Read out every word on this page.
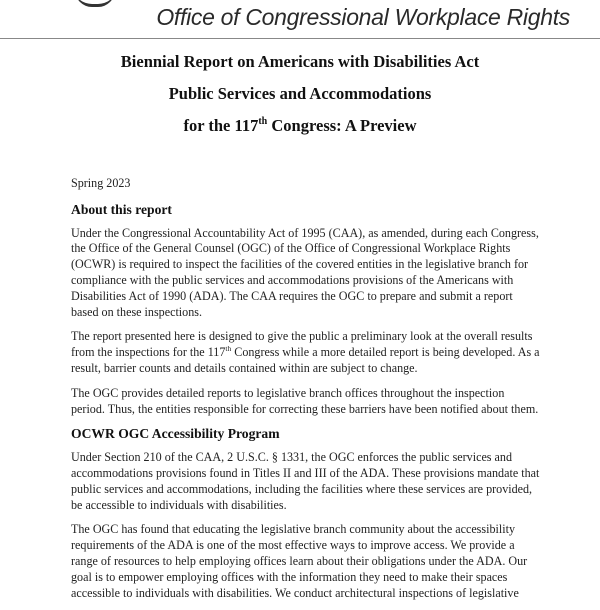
Office of Congressional Workplace Rights
Biennial Report on Americans with Disabilities Act
Public Services and Accommodations
for the 117th Congress: A Preview

Spring 2023

About this report

Under the Congressional Accountability Act of 1995 (CAA), as amended, during each Congress, the Office of the General Counsel (OGC) of the Office of Congressional Workplace Rights (OCWR) is required to inspect the facilities of the covered entities in the legislative branch for compliance with the public services and accommodations provisions of the Americans with Disabilities Act of 1990 (ADA). The CAA requires the OGC to prepare and submit a report based on these inspections.

The report presented here is designed to give the public a preliminary look at the overall results from the inspections for the 117th Congress while a more detailed report is being developed. As a result, barrier counts and details contained within are subject to change.

The OGC provides detailed reports to legislative branch offices throughout the inspection period. Thus, the entities responsible for correcting these barriers have been notified about them.

OCWR OGC Accessibility Program

Under Section 210 of the CAA, 2 U.S.C. § 1331, the OGC enforces the public services and accommodations provisions found in Titles II and III of the ADA. These provisions mandate that public services and accommodations, including the facilities where these services are provided, be accessible to individuals with disabilities.

The OGC has found that educating the legislative branch community about the accessibility requirements of the ADA is one of the most effective ways to improve access. We provide a range of resources to help employing offices learn about their obligations under the ADA. Our goal is to empower employing offices with the information they need to make their spaces accessible to individuals with disabilities. We conduct architectural inspections of legislative
